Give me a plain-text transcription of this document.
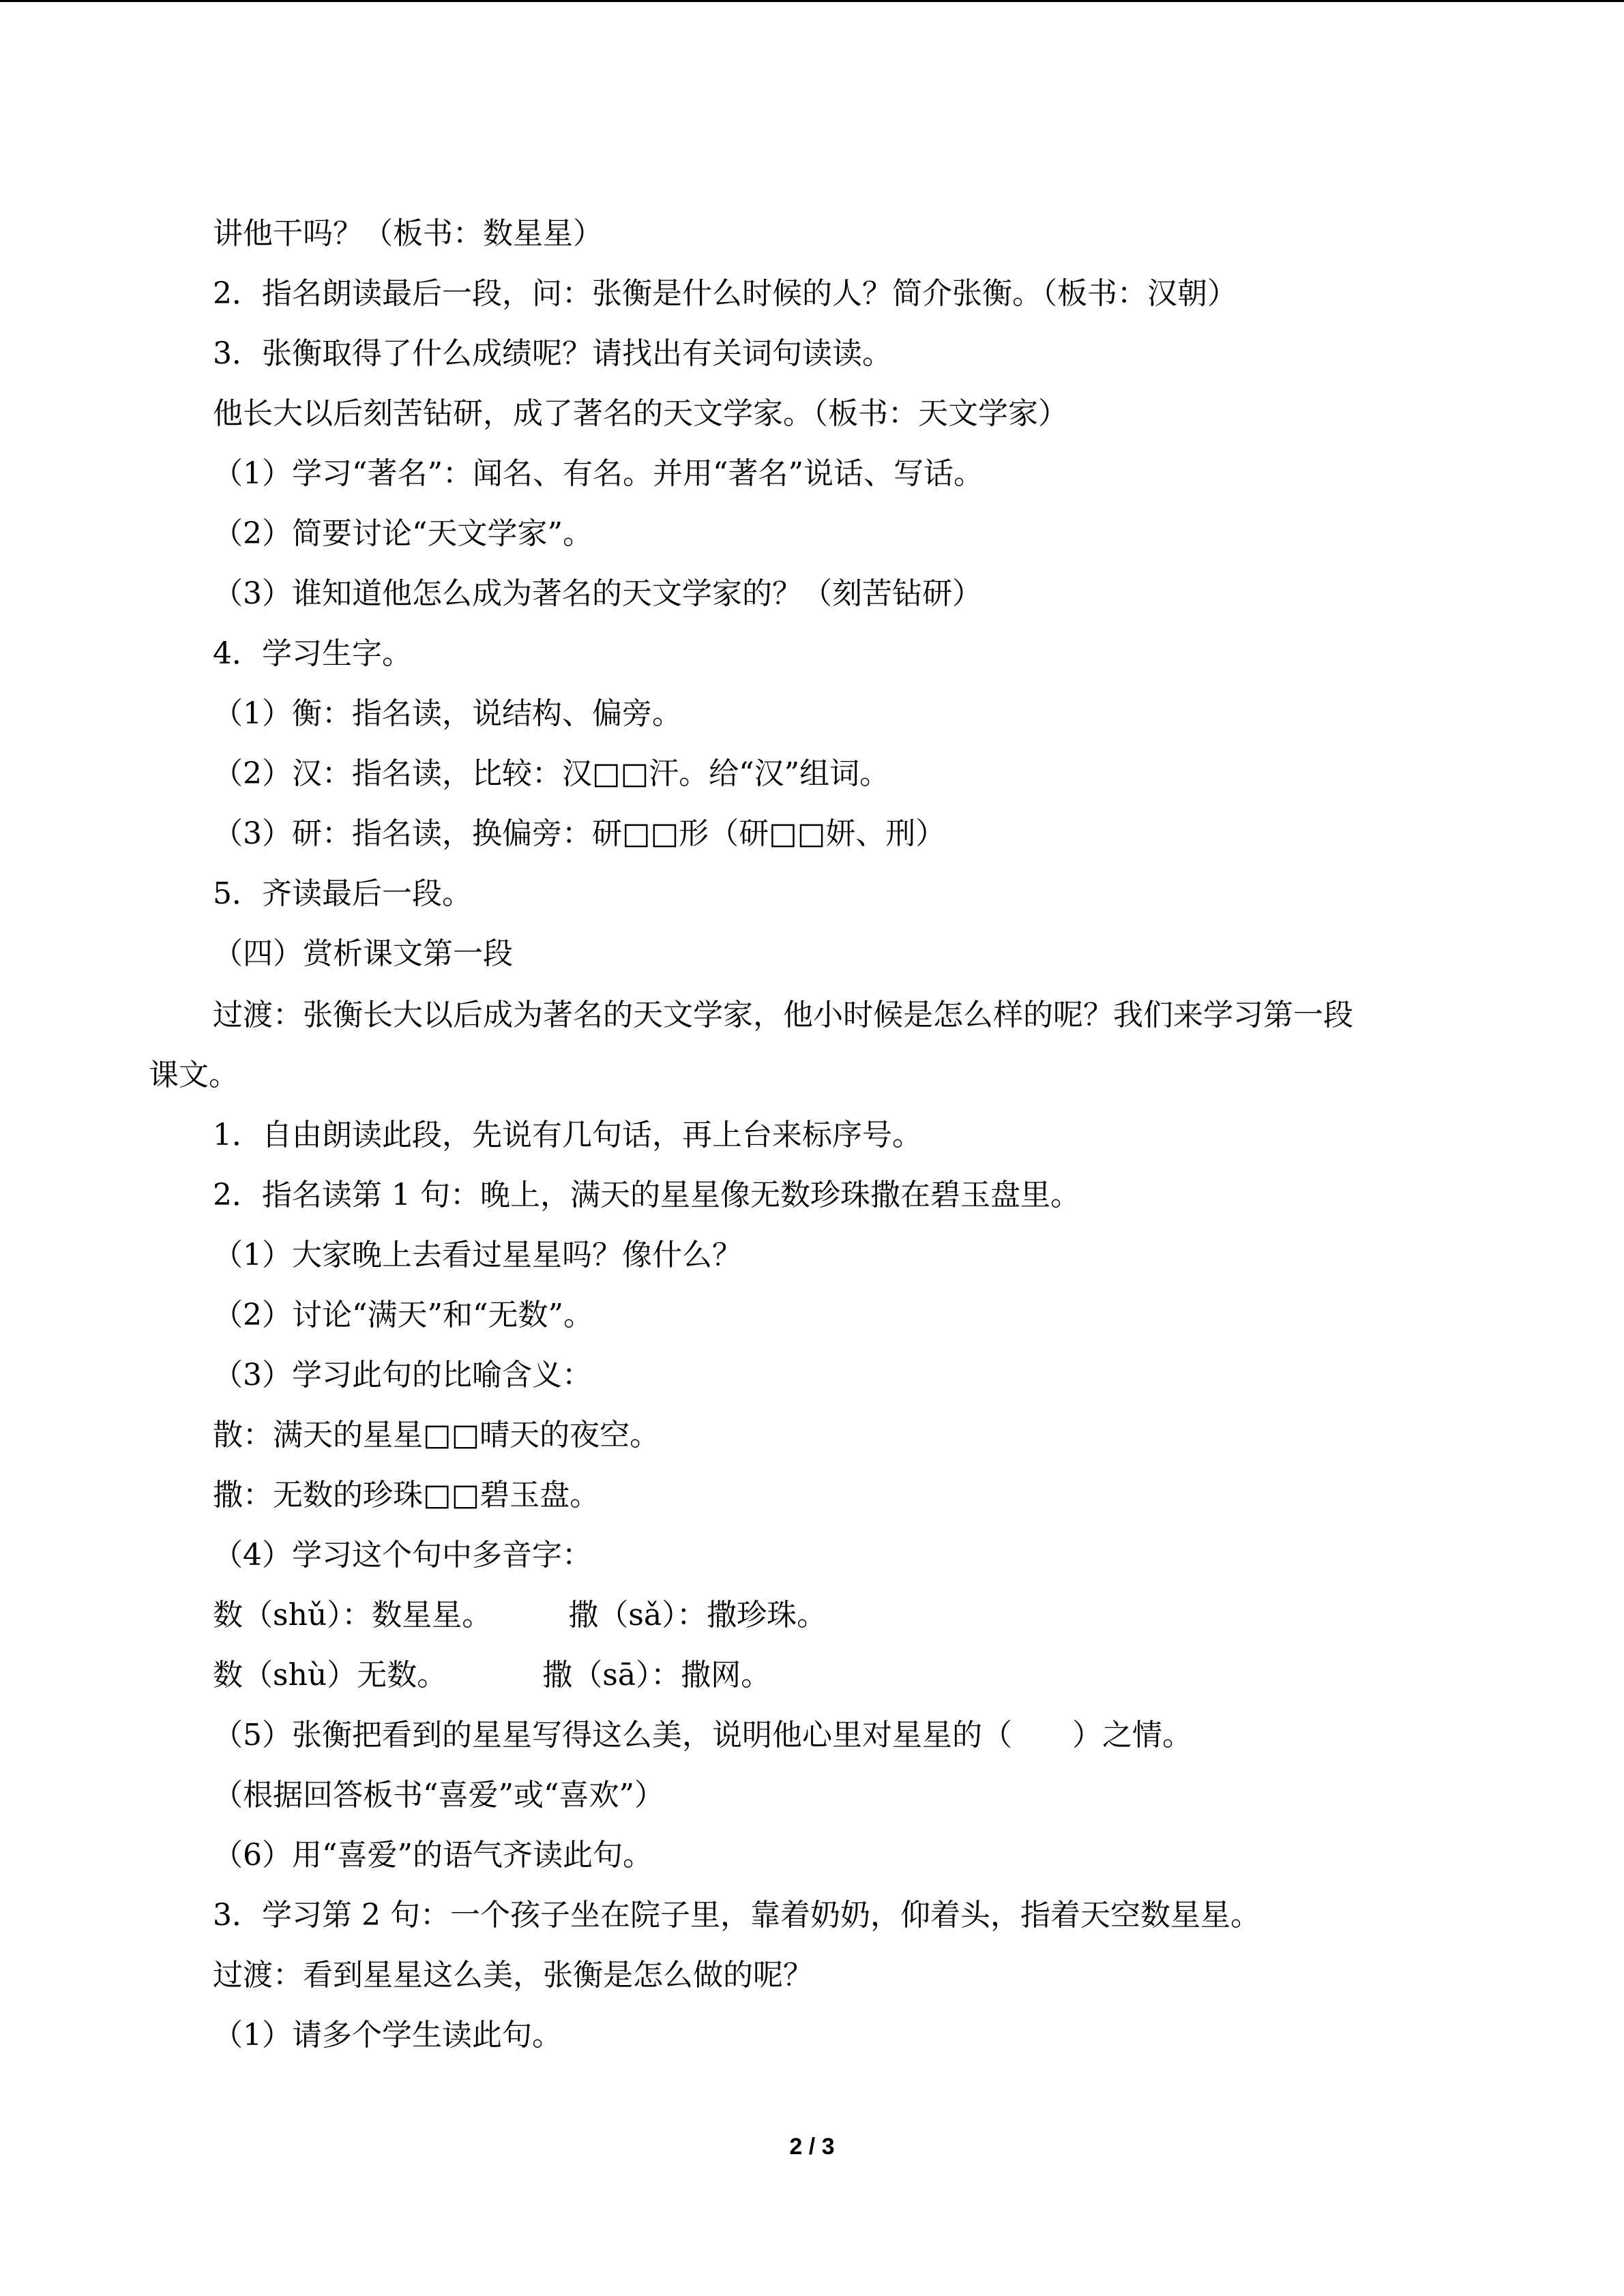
讲他干吗？（板书：数星星）
2．指名朗读最后一段，问：张衡是什么时候的人？简介张衡。（板书：汉朝）
3．张衡取得了什么成绩呢？请找出有关词句读读。
他长大以后刻苦钻研，成了著名的天文学家。（板书：天文学家）
（1）学习“著名”：闻名、有名。并用“著名”说话、写话。
（2）简要讨论“天文学家”。
（3）谁知道他怎么成为著名的天文学家的？（刻苦钻研）
4．学习生字。
（1）衡：指名读，说结构、偏旁。
（2）汉：指名读，比较：汉□□汗。给“汉”组词。
（3）研：指名读，换偏旁：研□□形（研□□妍、刑）
5．齐读最后一段。
（四）赏析课文第一段
过渡：张衡长大以后成为著名的天文学家，他小时候是怎么样的呢？我们来学习第一段
课文。
1．自由朗读此段，先说有几句话，再上台来标序号。
2．指名读第 1 句：晚上，满天的星星像无数珍珠撒在碧玉盘里。
（1）大家晚上去看过星星吗？像什么？
（2）讨论“满天”和“无数”。
（3）学习此句的比喻含义：
散：满天的星星□□晴天的夜空。
撒：无数的珍珠□□碧玉盘。
（4）学习这个句中多音字：
数（shǔ）：数星星。	撒（sǎ）：撒珍珠。
数（shù）无数。	撒（sā）：撒网。
（5）张衡把看到的星星写得这么美，说明他心里对星星的（　　）之情。
（根据回答板书“喜爱”或“喜欢”）
（6）用“喜爱”的语气齐读此句。
3．学习第 2 句：一个孩子坐在院子里，靠着奶奶，仰着头，指着天空数星星。
过渡：看到星星这么美，张衡是怎么做的呢？
（1）请多个学生读此句。
2 / 3
